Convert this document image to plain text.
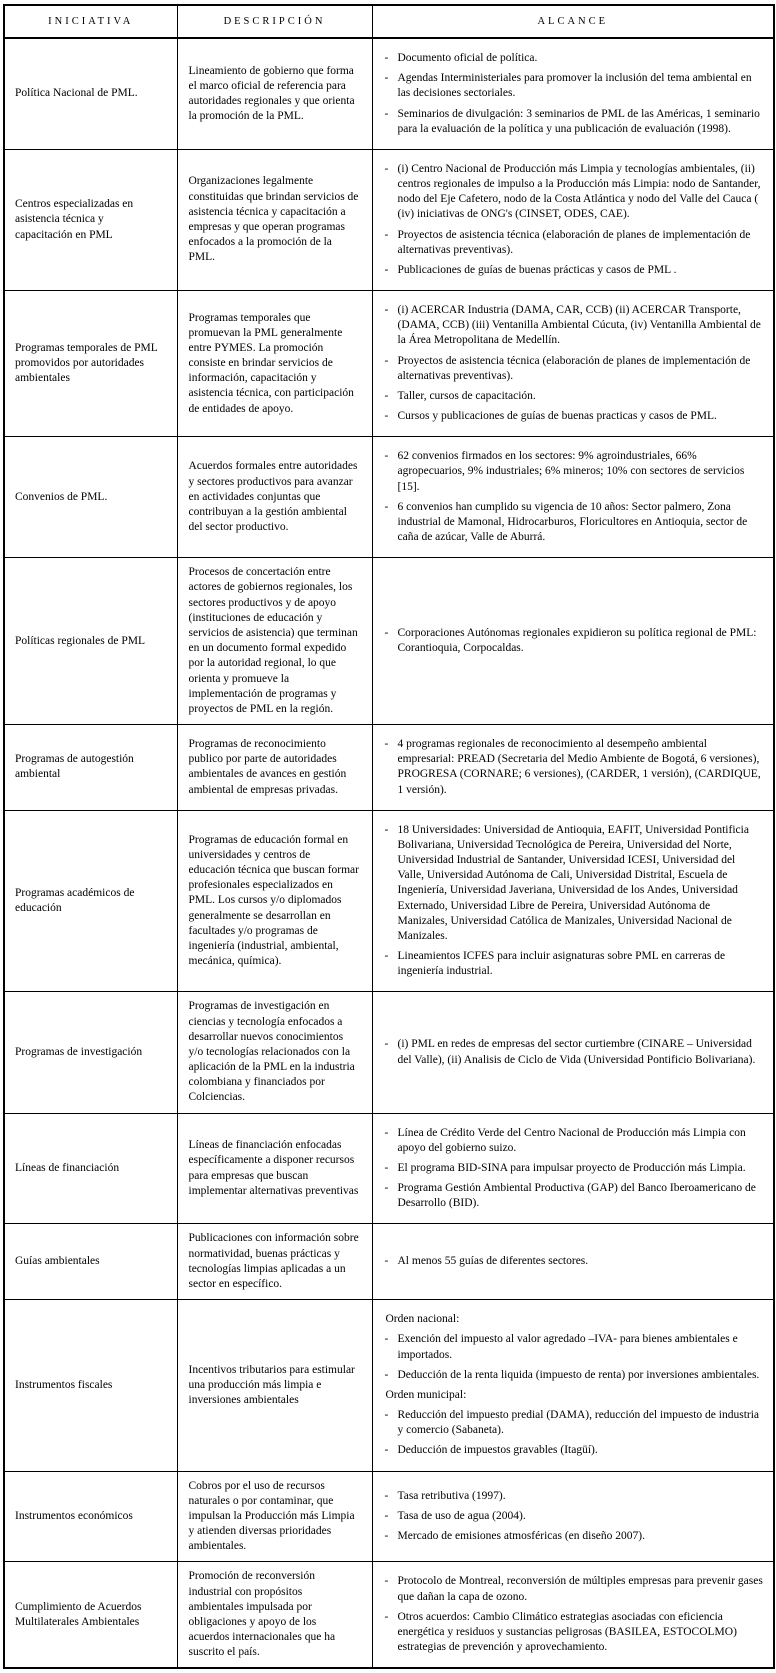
INICIATIVA	DESCRIPCIÓN	ALCANCE
Política Nacional de PML.	Lineamiento de gobierno que forma el marco oficial de referencia para autoridades regionales y que orienta la promoción de la PML.	
- Documento oficial de política.
- Agendas Interministeriales para promover la inclusión del tema ambiental en las decisiones sectoriales.
- Seminarios de divulgación: 3 seminarios de PML de las Américas, 1 seminario para la evaluación de la política y una publicación de evaluación (1998).

Centros especializadas en asistencia técnica y capacitación en PML	Organizaciones legalmente constituidas que brindan servicios de asistencia técnica y capacitación a empresas y que operan programas enfocados a la promoción de la PML.	
- (i) Centro Nacional de Producción más Limpia y tecnologías ambientales, (ii) centros regionales de impulso a la Producción más Limpia: nodo de Santander, nodo del Eje Cafetero, nodo de la Costa Atlántica y nodo del Valle del Cauca ( (iv) iniciativas de ONG's (CINSET, ODES, CAE).
- Proyectos de asistencia técnica (elaboración de planes de implementación de alternativas preventivas).
- Publicaciones de guías de buenas prácticas y casos de PML .

Programas temporales de PML promovidos por autoridades ambientales	Programas temporales que promuevan la PML generalmente entre PYMES. La promoción consiste en brindar servicios de información, capacitación y asistencia técnica, con participación de entidades de apoyo.	
- (i) ACERCAR Industria (DAMA, CAR, CCB) (ii) ACERCAR Transporte, (DAMA, CCB) (iii) Ventanilla Ambiental Cúcuta, (iv) Ventanilla Ambiental de la Área Metropolitana de Medellín.
- Proyectos de asistencia técnica (elaboración de planes de implementación de alternativas preventivas).
- Taller, cursos de capacitación.
- Cursos y publicaciones de guías de buenas practicas y casos de PML.

Convenios de PML.	Acuerdos formales entre autoridades y sectores productivos para avanzar en actividades conjuntas que contribuyan a la gestión ambiental del sector productivo.	- 62 convenios firmados en los sectores: 9% agroindustriales, 66% agropecuarios, 9% industriales; 6% mineros; 10% con sectores de servicios [15].
- 6 convenios han cumplido su vigencia de 10 años: Sector palmero, Zona industrial de Mamonal, Hidrocarburos, Floricultores en Antioquia, sector de caña de azúcar, Valle de Aburrá.

Políticas regionales de PML	Procesos de concertación entre actores de gobiernos regionales, los sectores productivos y de apoyo (instituciones de educación y servicios de asistencia) que terminan en un documento formal expedido por la autoridad regional, lo que orienta y promueve la implementación de programas y proyectos de PML en la región.	- Corporaciones Autónomas regionales expidieron su política regional de PML: Corantioquia, Corpocaldas.

Programas de autogestión ambiental	Programas de reconocimiento publico por parte de autoridades ambientales de avances en gestión ambiental de empresas privadas.	- 4 programas regionales de reconocimiento al desempeño ambiental empresarial: PREAD (Secretaria del Medio Ambiente de Bogotá, 6 versiones), PROGRESA (CORNARE; 6 versiones), (CARDER, 1 versión), (CARDIQUE, 1 versión).

Programas académicos de educación	Programas de educación formal en universidades y centros de educación técnica que buscan formar profesionales especializados en PML. Los cursos y/o diplomados generalmente se desarrollan en facultades y/o programas de ingeniería (industrial, ambiental, mecánica, química).	
- 18 Universidades: Universidad de Antioquia, EAFIT, Universidad Pontificia Bolivariana, Universidad Tecnológica de Pereira, Universidad del Norte, Universidad Industrial de Santander, Universidad ICESI, Universidad del Valle, Universidad Autónoma de Cali, Universidad Distrital, Escuela de Ingeniería, Universidad Javeriana, Universidad de los Andes, Universidad Externado, Universidad Libre de Pereira, Universidad Autónoma de Manizales, Universidad Católica de Manizales, Universidad Nacional de Manizales.
- Lineamientos ICFES para incluir asignaturas sobre PML en carreras de ingeniería industrial.

Programas de investigación	Programas de investigación en ciencias y tecnología enfocados a desarrollar nuevos conocimientos y/o tecnologías relacionados con la aplicación de la PML en la industria colombiana y financiados por Colciencias.	- (i) PML en redes de empresas del sector curtiembre (CINARE – Universidad del Valle), (ii) Analisis de Ciclo de Vida (Universidad Pontificio Bolivariana).

Líneas de financiación	Líneas de financiación enfocadas específicamente a disponer recursos para empresas que buscan implementar alternativas preventivas	
- Línea de Crédito Verde del Centro Nacional de Producción más Limpia con apoyo del gobierno suizo.
- El programa BID-SINA para impulsar proyecto de Producción más Limpia.
- Programa Gestión Ambiental Productiva (GAP) del Banco Iberoamericano de Desarrollo (BID).

Guías ambientales	Publicaciones con información sobre normatividad, buenas prácticas y tecnologías limpias aplicadas a un sector en específico.	- Al menos 55 guías de diferentes sectores.

Instrumentos fiscales	Incentivos tributarios para estimular una producción más limpia e inversiones ambientales	
Orden nacional:
- Exención del impuesto al valor agredado –IVA- para bienes ambientales e importados.
- Deducción de la renta liquida (impuesto de renta) por inversiones ambientales.
Orden municipal:
- Reducción del impuesto predial (DAMA), reducción del impuesto de industria y comercio (Sabaneta).
- Deducción de impuestos gravables (Itagüí).

Instrumentos económicos	Cobros por el uso de recursos naturales o por contaminar, que impulsan la Producción más Limpia y atienden diversas prioridades ambientales.	
- Tasa retributiva (1997).
- Tasa de uso de agua (2004).
- Mercado de emisiones atmosféricas (en diseño 2007).

Cumplimiento de Acuerdos Multilaterales Ambientales	Promoción de reconversión industrial con propósitos ambientales impulsada por obligaciones y apoyo de los acuerdos internacionales que ha suscrito el país.	- Protocolo de Montreal, reconversión de múltiples empresas para prevenir gases que dañan la capa de ozono.
- Otros acuerdos: Cambio Climático estrategias asociadas con eficiencia energética y residuos y sustancias peligrosas (BASILEA, ESTOCOLMO) estrategias de prevención y aprovechamiento.
